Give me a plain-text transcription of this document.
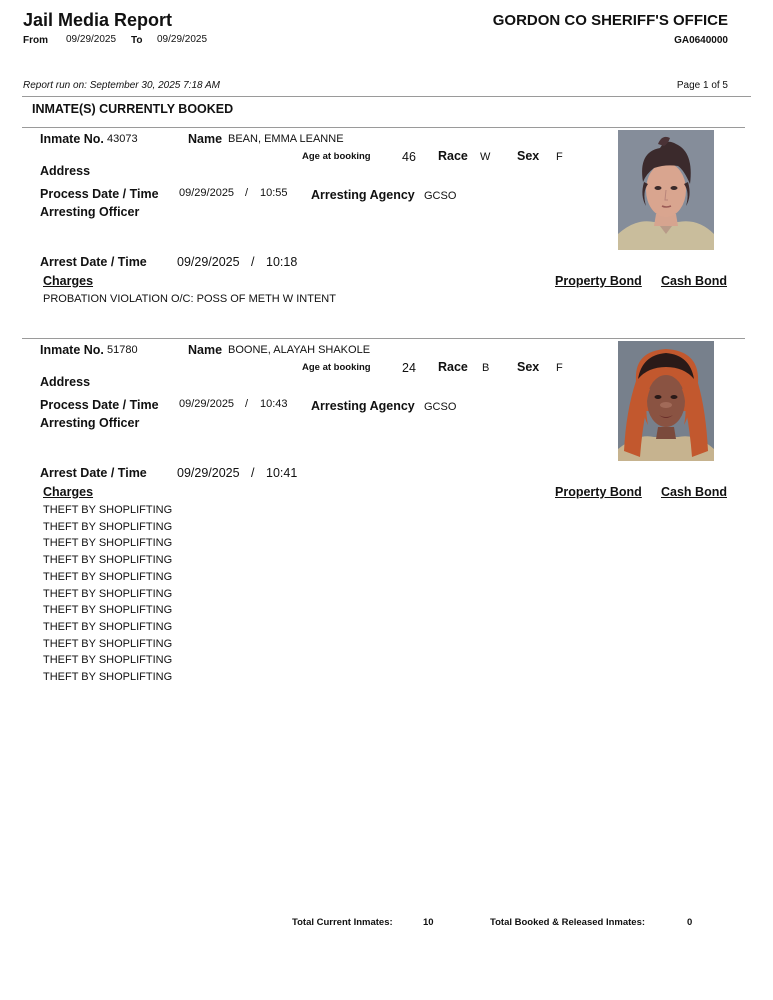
Jail Media Report
From 09/29/2025 To 09/29/2025
GORDON CO SHERIFF'S OFFICE
GA0640000
Report run on: September 30, 2025 7:18 AM	Page 1 of 5
INMATE(S) CURRENTLY BOOKED
Inmate No. 43073	Name BEAN, EMMA LEANNE
Age at booking	46 Race W Sex F
Address
Process Date / Time 09/29/2025 / 10:55 Arresting Agency GCSO
Arresting Officer
Arrest Date / Time 09/29/2025 / 10:18
Charges	Property Bond Cash Bond
PROBATION VIOLATION O/C: POSS OF METH W INTENT
Inmate No. 51780	Name BOONE, ALAYAH SHAKOLE
Age at booking	24 Race B Sex F
Address
Process Date / Time 09/29/2025 / 10:43 Arresting Agency GCSO
Arresting Officer
Arrest Date / Time 09/29/2025 / 10:41
Charges	Property Bond Cash Bond
THEFT BY SHOPLIFTING
THEFT BY SHOPLIFTING
THEFT BY SHOPLIFTING
THEFT BY SHOPLIFTING
THEFT BY SHOPLIFTING
THEFT BY SHOPLIFTING
THEFT BY SHOPLIFTING
THEFT BY SHOPLIFTING
THEFT BY SHOPLIFTING
THEFT BY SHOPLIFTING
THEFT BY SHOPLIFTING
Total Current Inmates:	10	Total Booked & Released Inmates:	0
